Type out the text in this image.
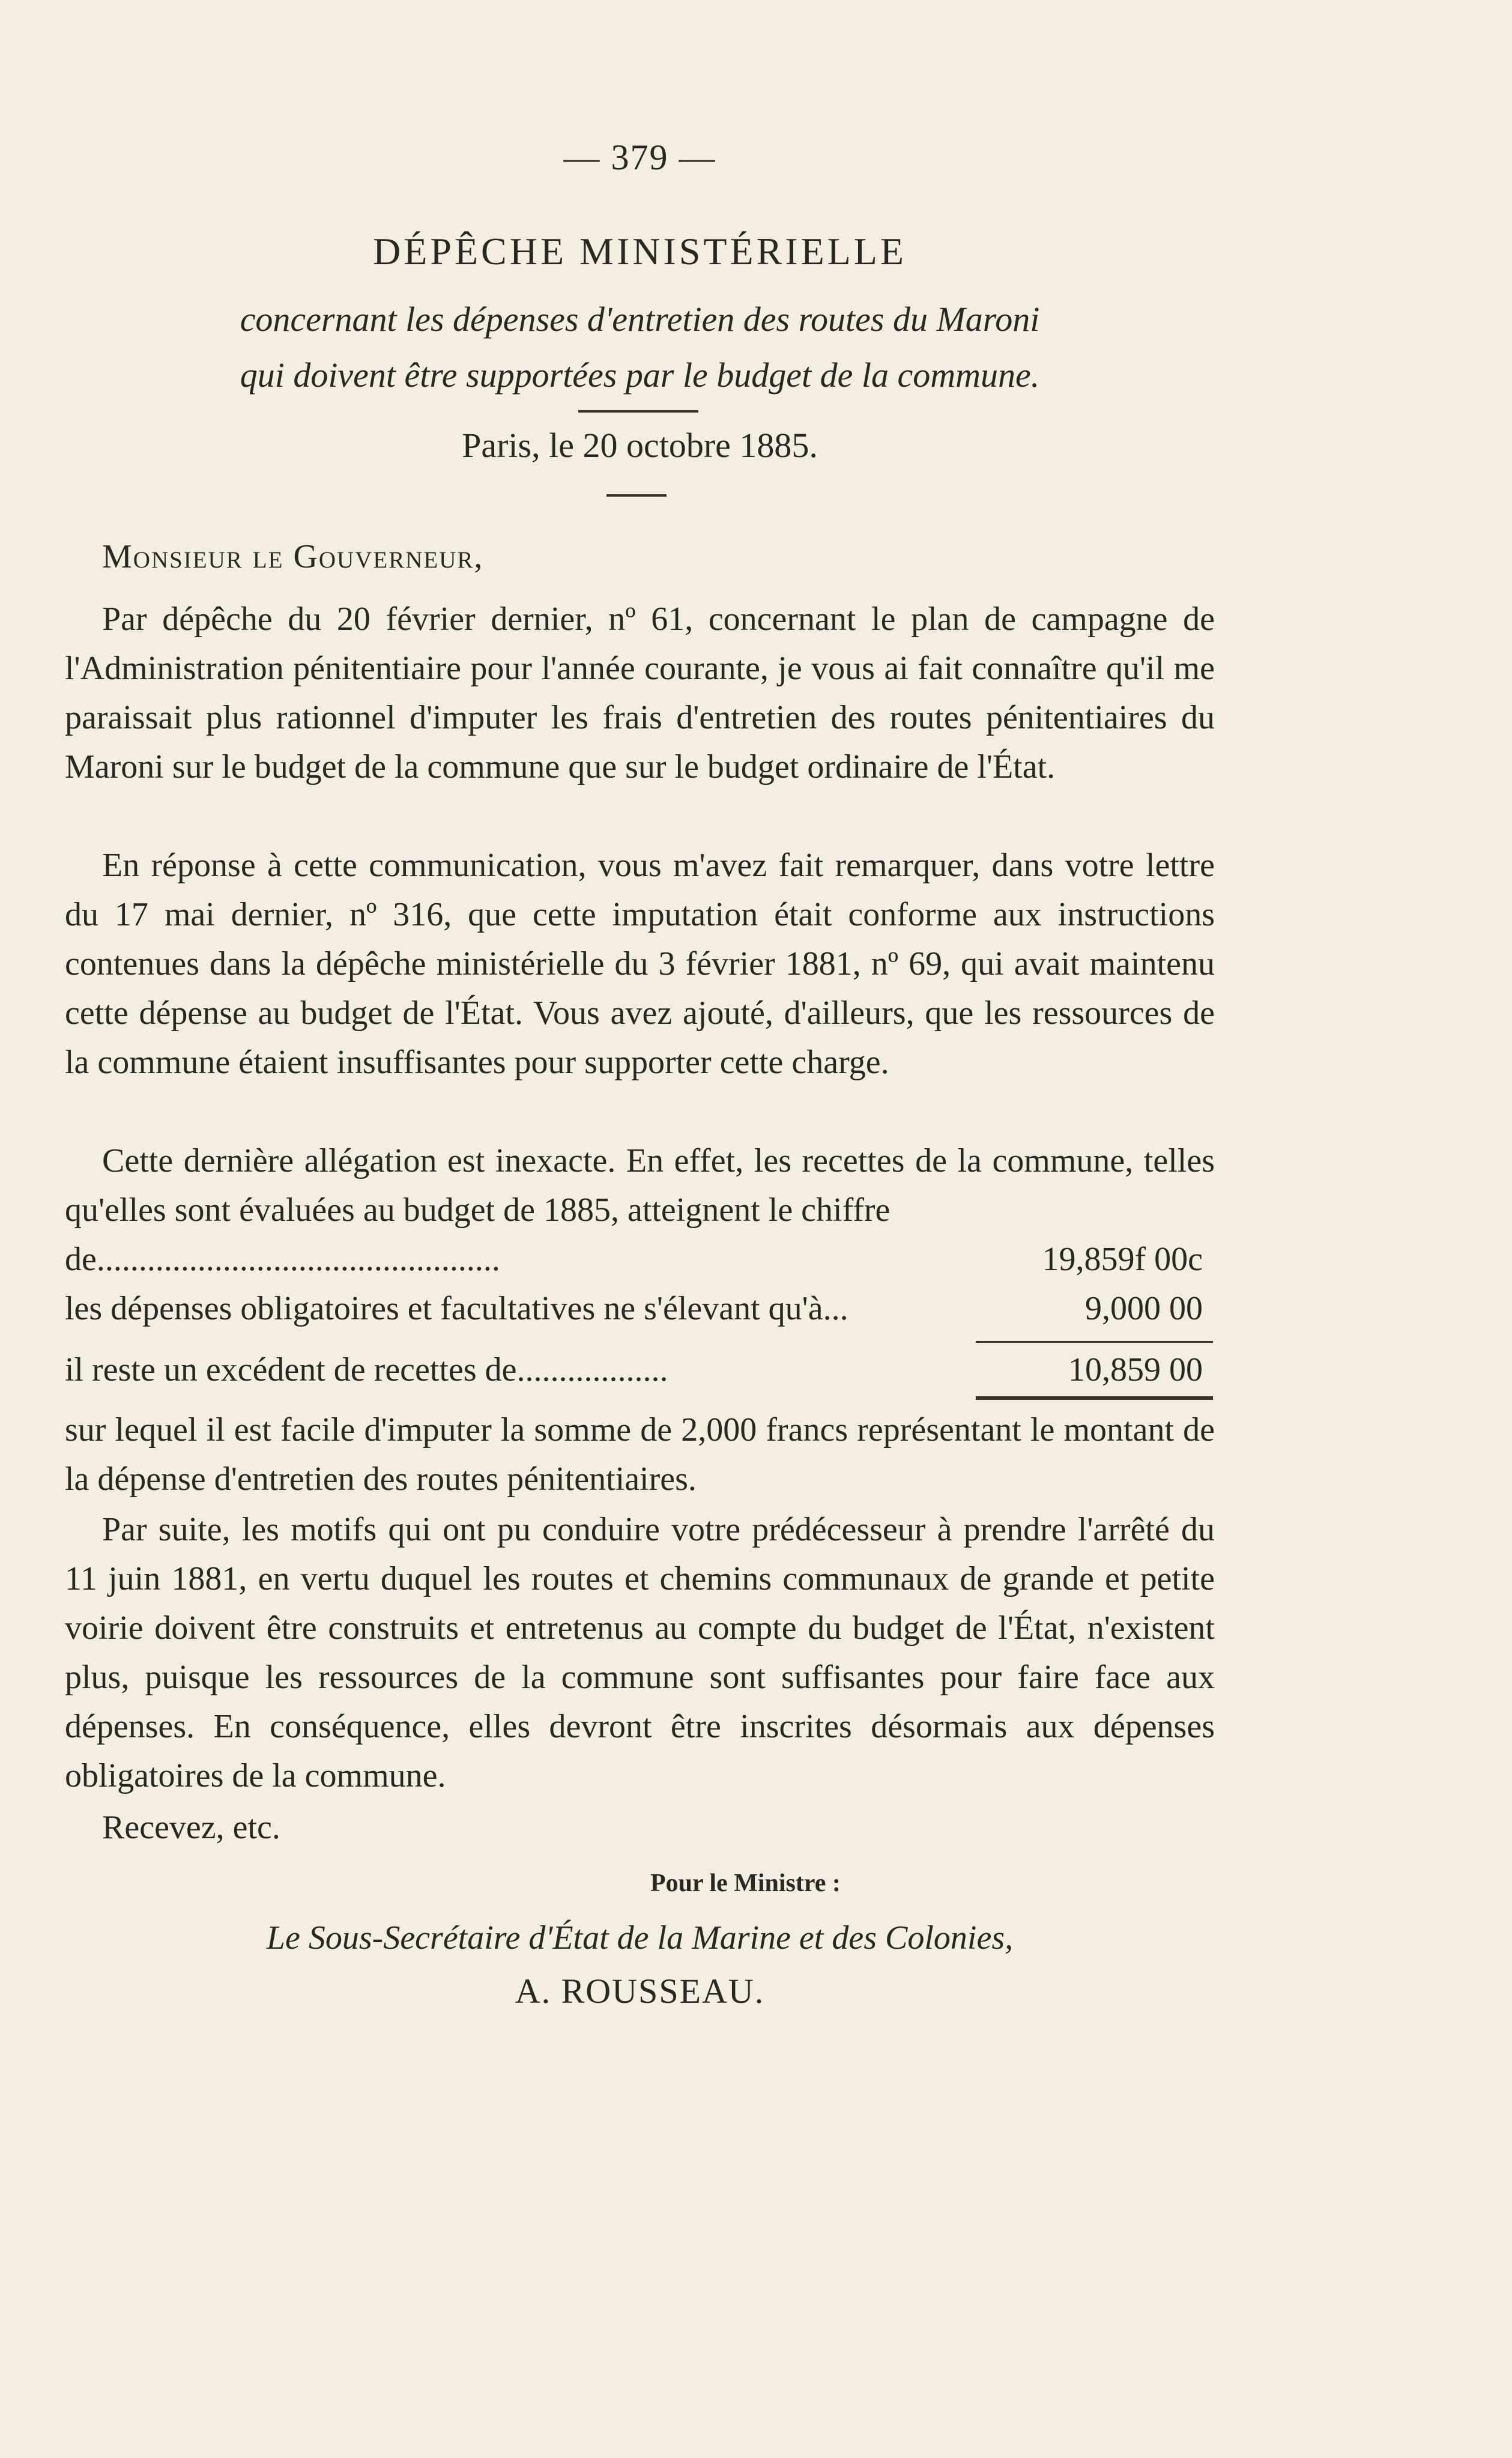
— 379 —
DÉPÊCHE MINISTÉRIELLE
concernant les dépenses d'entretien des routes du Maroni
qui doivent être supportées par le budget de la commune.
Paris, le 20 octobre 1885.
Monsieur le Gouverneur,
Par dépêche du 20 février dernier, nº 61, concernant le plan de campagne de l'Administration pénitentiaire pour l'année courante, je vous ai fait connaître qu'il me paraissait plus rationnel d'imputer les frais d'entretien des routes pénitentiaires du Maroni sur le budget de la commune que sur le budget ordinaire de l'État.
En réponse à cette communication, vous m'avez fait remarquer, dans votre lettre du 17 mai dernier, nº 316, que cette imputation était conforme aux instructions contenues dans la dépêche ministérielle du 3 février 1881, nº 69, qui avait maintenu cette dépense au budget de l'État. Vous avez ajouté, d'ailleurs, que les ressources de la commune étaient insuffisantes pour supporter cette charge.
Cette dernière allégation est inexacte. En effet, les recettes de la commune, telles qu'elles sont évaluées au budget de 1885, atteignent le chiffre
de................................................	19,859f 00c
les dépenses obligatoires et facultatives ne s'élevant qu'à...	9,000 00
il reste un excédent de recettes de..................	10,859 00
sur lequel il est facile d'imputer la somme de 2,000 francs représentant le montant de la dépense d'entretien des routes pénitentiaires.
Par suite, les motifs qui ont pu conduire votre prédécesseur à prendre l'arrêté du 11 juin 1881, en vertu duquel les routes et chemins communaux de grande et petite voirie doivent être construits et entretenus au compte du budget de l'État, n'existent plus, puisque les ressources de la commune sont suffisantes pour faire face aux dépenses. En conséquence, elles devront être inscrites désormais aux dépenses obligatoires de la commune.
Recevez, etc.
Pour le Ministre :
Le Sous-Secrétaire d'État de la Marine et des Colonies,
A. ROUSSEAU.
